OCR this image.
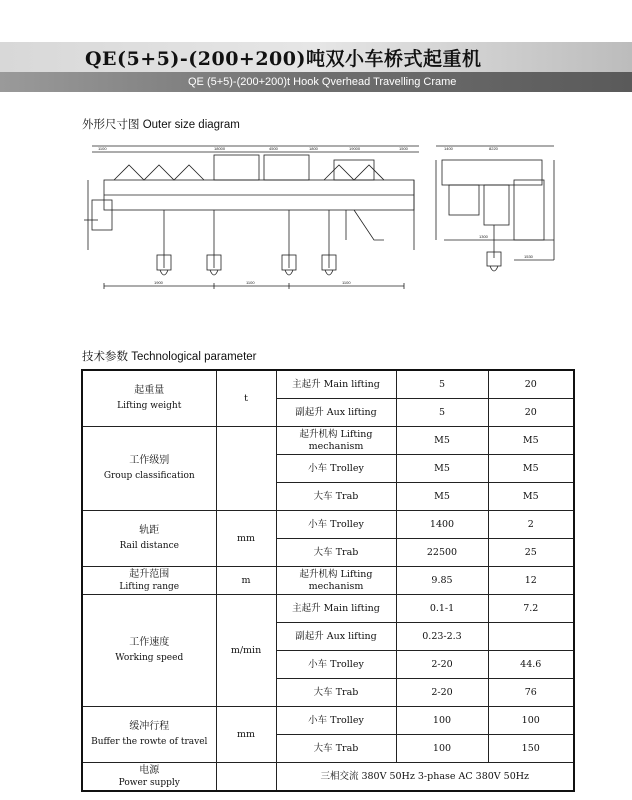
QE(5+5)-(200+200)吨双小车桥式起重机
QE (5+5)-(200+200)t Hook Qverhead Travelling Crame
外形尺寸图 Outer size diagram
1100	18000	4500	1800	19000	1500
1900	1100	1100
1400	8220
1530
1300
技术参数 Technological parameter
起重量
Lifting weight	t	主起升 Main lifting	5	20
		副起升 Aux lifting	5	20

工作级别
Group classification		起升机构 Lifting mechanism	M5	M5
		小车 Trolley	M5	M5
		大车 Trab	M5	M5

轨距
Rail distance	mm	小车 Trolley	1400	2
		大车 Trab	22500	25

起升范围
Lifting range	m	起升机构 Lifting mechanism	9.85	12

工作速度
Working speed	m/min	主起升 Main lifting	0.1-1	7.2
		副起升 Aux lifting	0.23-2.3	
		小车 Trolley	2-20	44.6
		大车 Trab	2-20	76

缓冲行程
Buffer the rowte of travel	mm	小车 Trolley	100	100
		大车 Trab	100	150

电源
Power supply		三相交流 380V 50Hz 3-phase AC 380V 50Hz		
